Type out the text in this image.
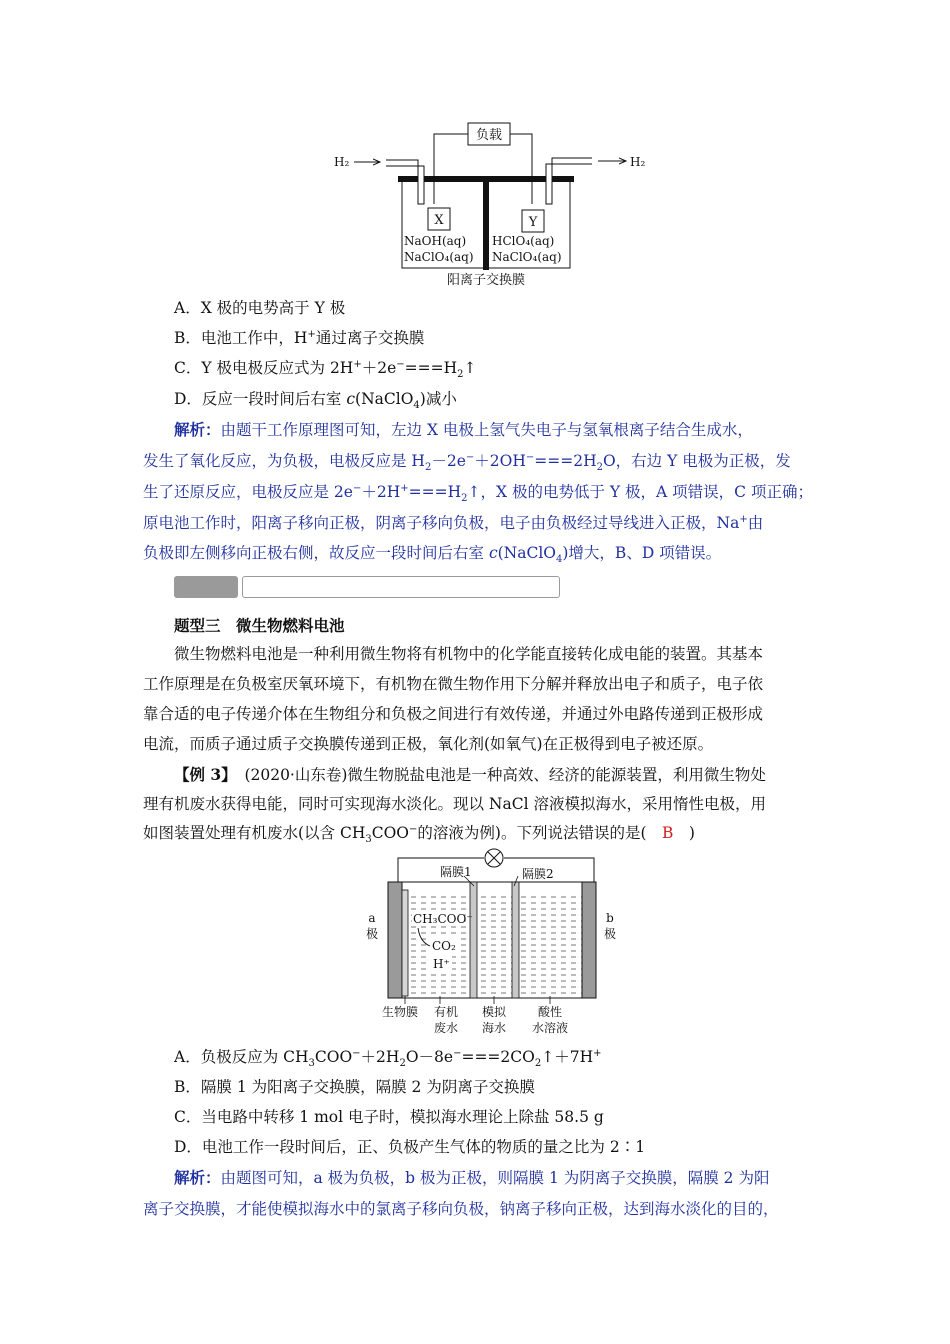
负载
H₂	H₂
X	Y
NaOH(aq)
NaClO₄(aq)
HClO₄(aq)
NaClO₄(aq)
阳离子交换膜
A．X 极的电势高于 Y 极
B．电池工作中，H+通过离子交换膜
C．Y 极电极反应式为 $2H^++2e^-===H_2↑$
D．反应一段时间后右室 c(NaClO$_4$)减小
解析：由题干工作原理图可知，左边 X 电极上氢气失电子与氢氧根离子结合生成水，
发生了氧化反应，为负极，电极反应是 $H_2-2e^-+2OH^-===2H_2O$，右边 Y 电极为正极，发
生了还原反应，电极反应是 $2e^-+2H^+===H_2↑$，X 极的电势低于 Y 极，A 项错误，C 项正确；
原电池工作时，阳离子移向正极，阴离子移向负极，电子由负极经过导线进入正极，Na+由
负极即左侧移向正极右侧，故反应一段时间后右室 c(NaClO$_4$)增大，B、D 项错误。
题型三　微生物燃料电池
微生物燃料电池是一种利用微生物将有机物中的化学能直接转化成电能的装置。其基本
工作原理是在负极室厌氧环境下，有机物在微生物作用下分解并释放出电子和质子，电子依
靠合适的电子传递介体在生物组分和负极之间进行有效传递，并通过外电路传递到正极形成
电流，而质子通过质子交换膜传递到正极，氧化剂(如氧气)在正极得到电子被还原。
【例 3】　(2020·山东卷)微生物脱盐电池是一种高效、经济的能源装置，利用微生物处
理有机废水获得电能，同时可实现海水淡化。现以 NaCl 溶液模拟海水，采用惰性电极，用
如图装置处理有机废水(以含 $CH_3COO^-$的溶液为例)。下列说法错误的是(　B　)
隔膜1	隔膜2
a
极
b
极
CH₃COO⁻
CO₂
H⁺
生物膜 有机
废水
模拟
海水
酸性
水溶液
A．负极反应为 $CH_3COO^-+2H_2O-8e^-===2CO_2↑+7H^+$
B．隔膜 1 为阳离子交换膜，隔膜 2 为阴离子交换膜
C．当电路中转移 1 mol 电子时，模拟海水理论上除盐 58.5 g
D．电池工作一段时间后，正、负极产生气体的物质的量之比为 2∶1
解析：由题图可知，a 极为负极，b 极为正极，则隔膜 1 为阴离子交换膜，隔膜 2 为阳
离子交换膜，才能使模拟海水中的氯离子移向负极，钠离子移向正极，达到海水淡化的目的，
